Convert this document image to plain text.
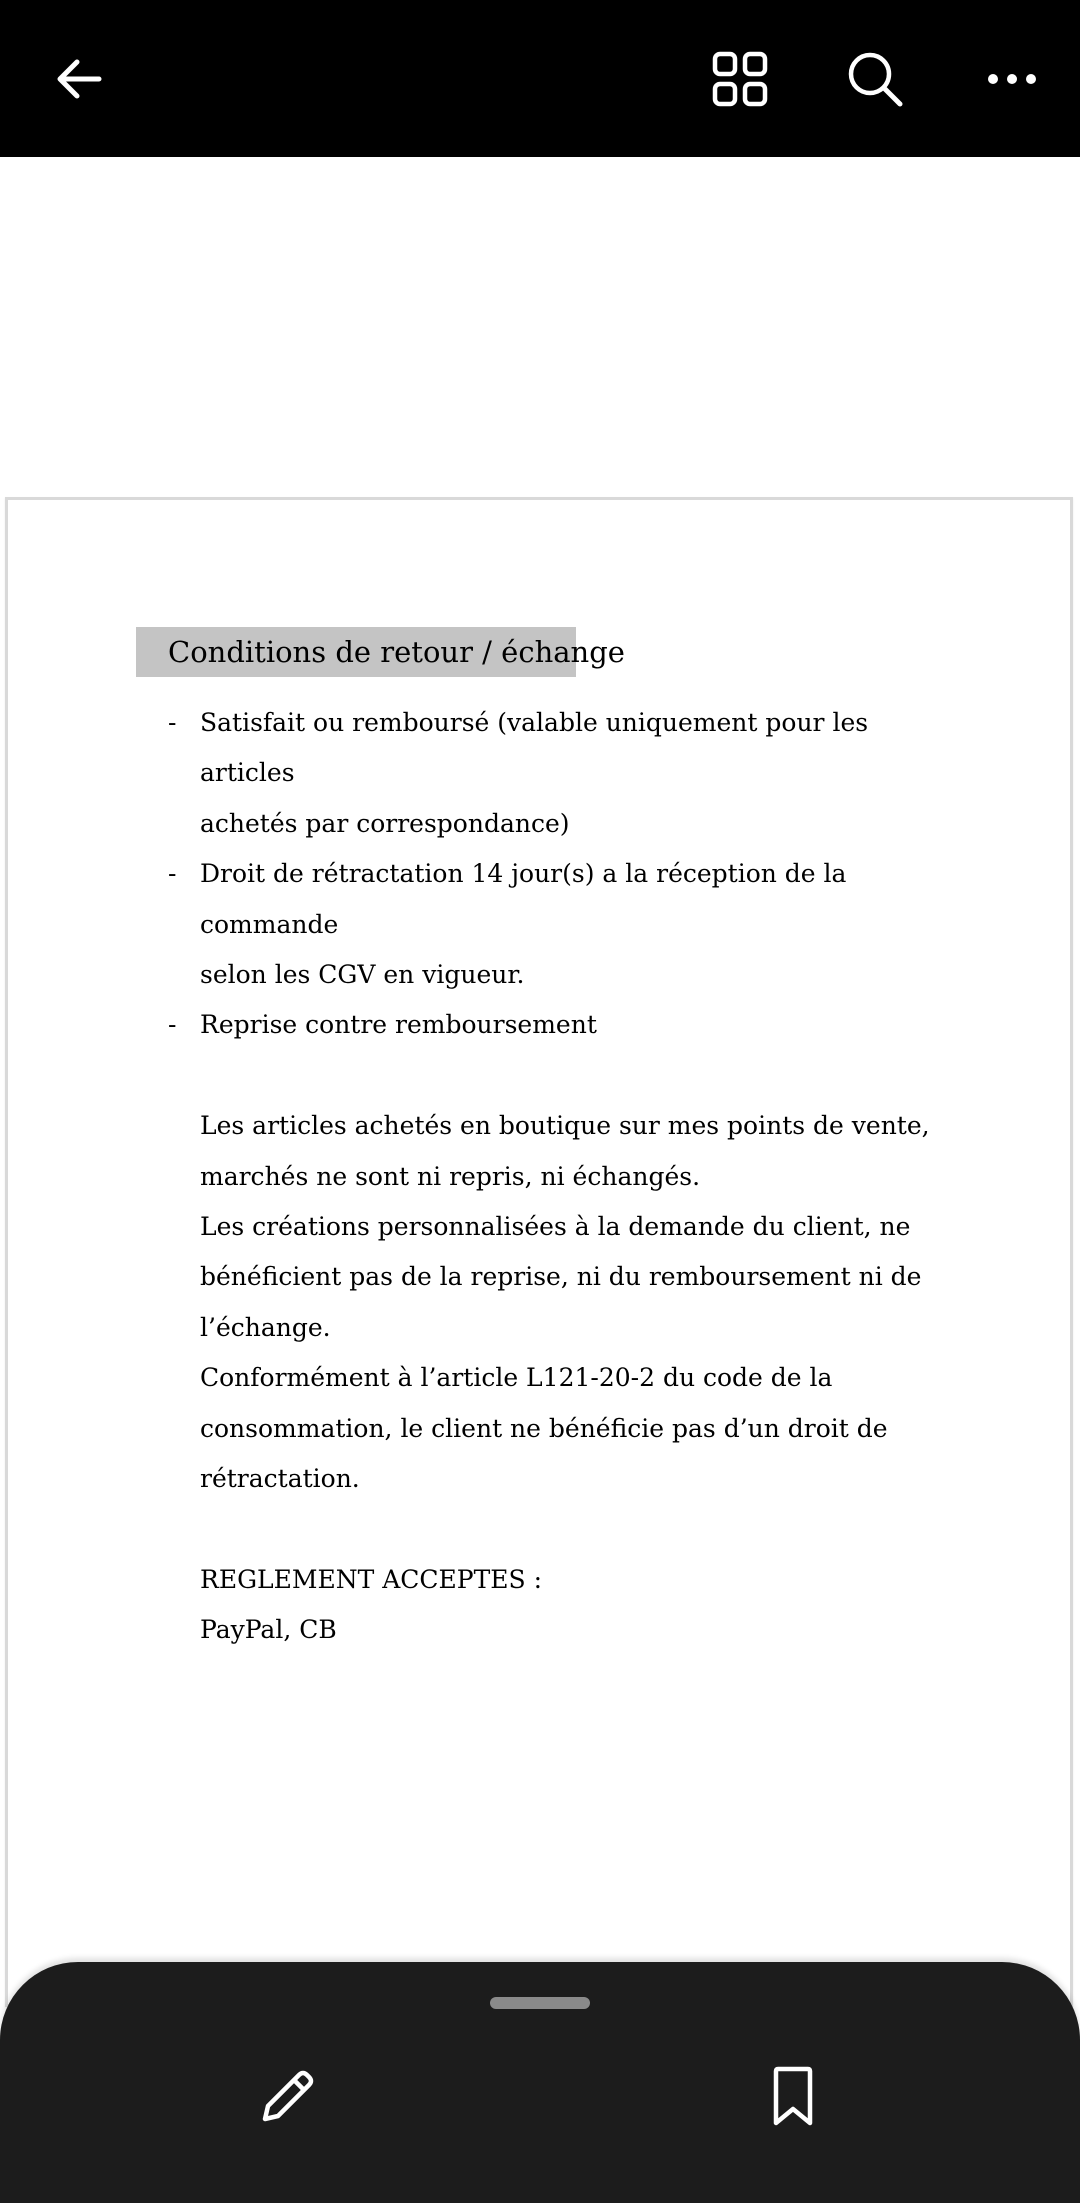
Conditions de retour / échange
- Satisfait ou remboursé (valable uniquement pour les articles
achetés par correspondance)
- Droit de rétractation 14 jour(s) a la réception de la commande
selon les CGV en vigueur.
- Reprise contre remboursement
Les articles achetés en boutique sur mes points de vente,
marchés ne sont ni repris, ni échangés.
Les créations personnalisées à la demande du client, ne
bénéficient pas de la reprise, ni du remboursement ni de
l’échange.
Conformément à l’article L121-20-2 du code de la
consommation, le client ne bénéficie pas d’un droit de
rétractation.
REGLEMENT ACCEPTES :
PayPal, CB
